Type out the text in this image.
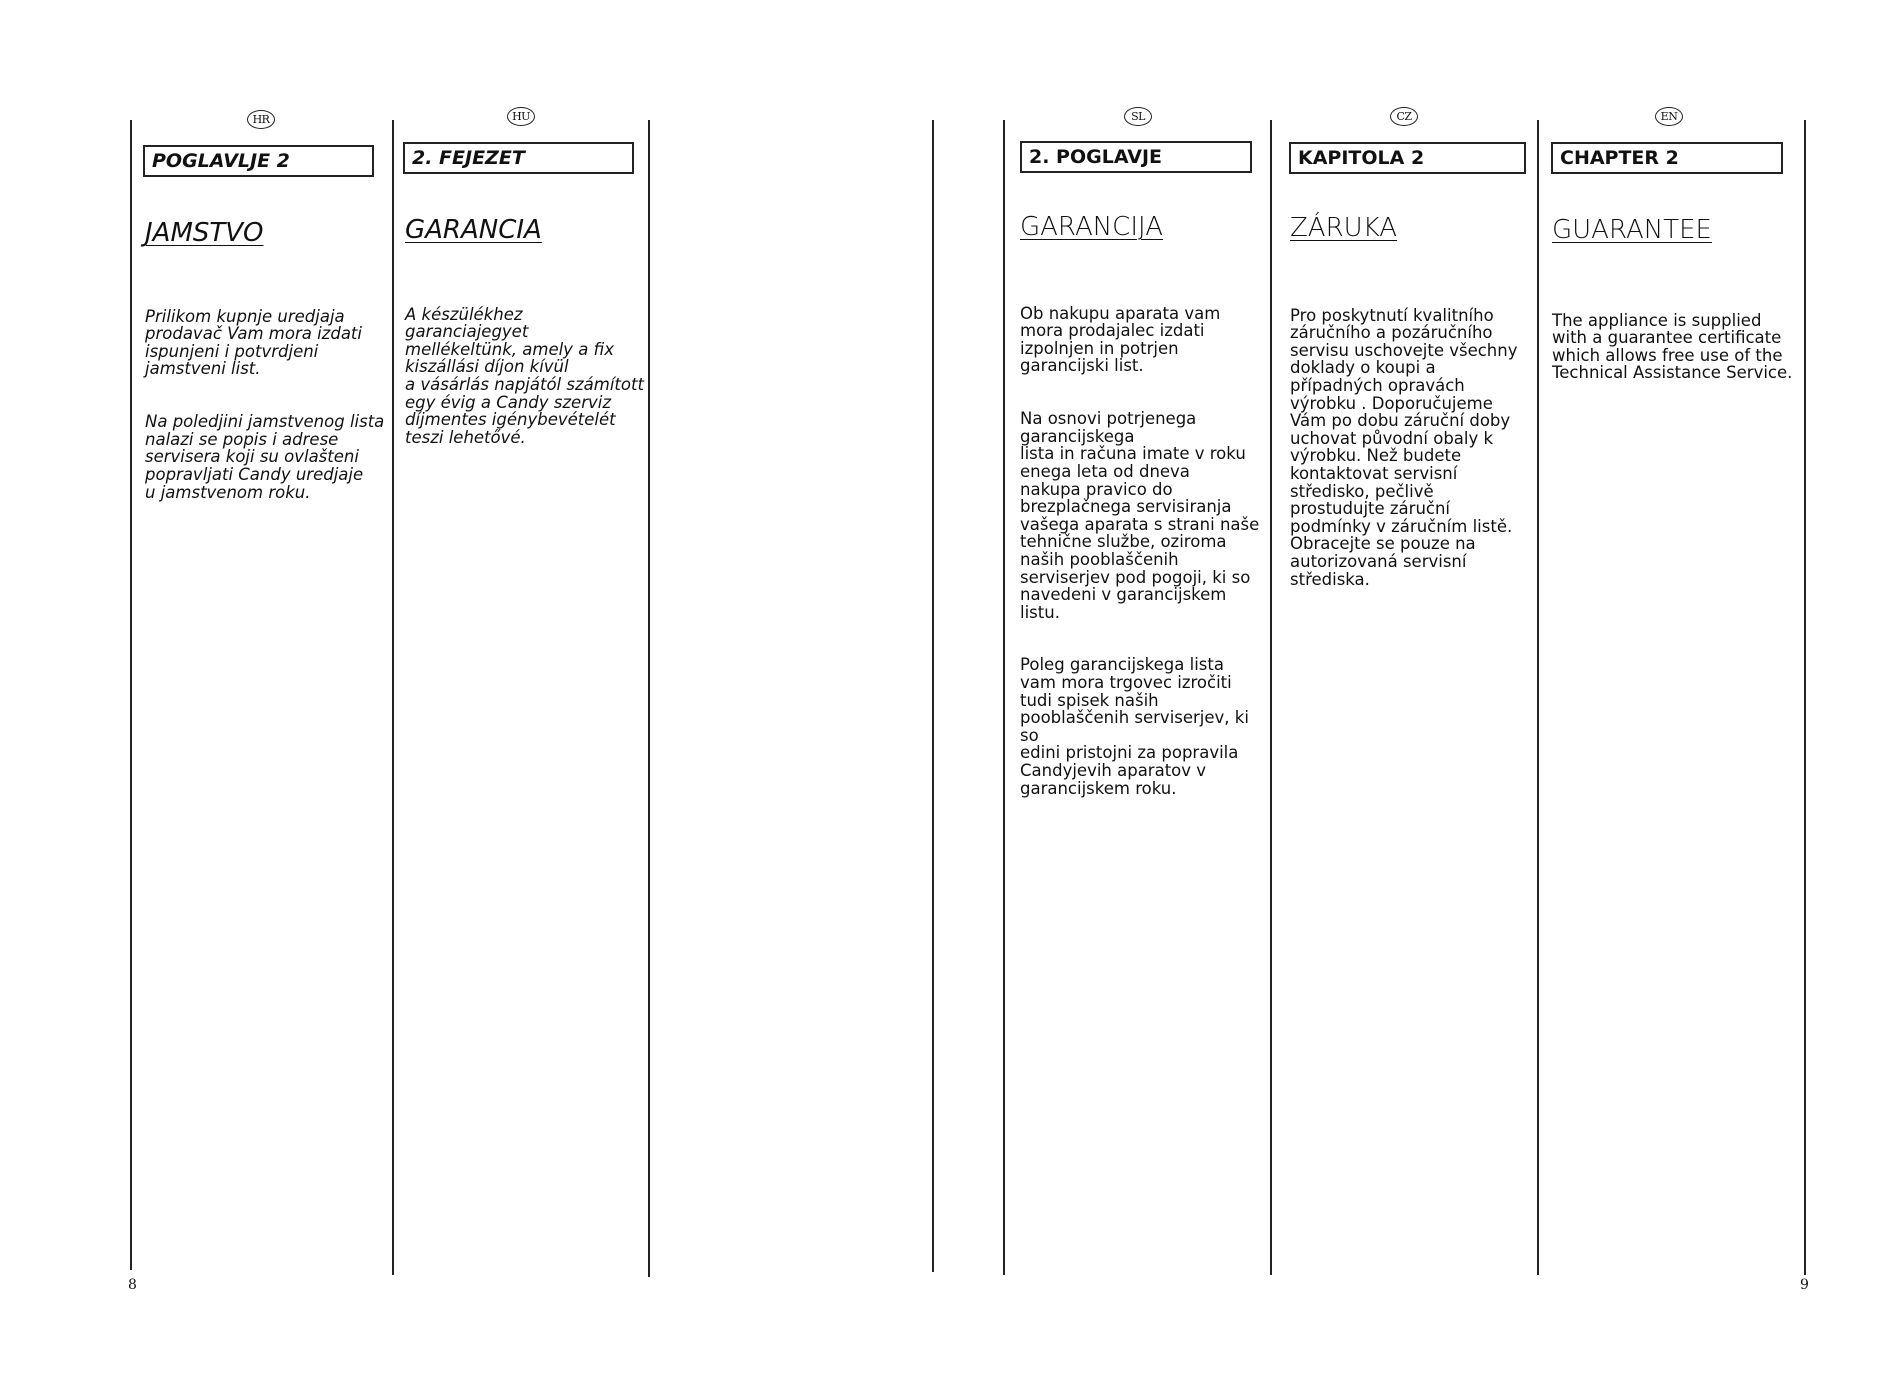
HR
POGLAVLJE 2
JAMSTVO

Prilikom kupnje uredjaja
prodavač Vam mora izdati
ispunjeni i potvrdjeni
jamstveni list.

Na poledjini jamstvenog lista
nalazi se popis i adrese
servisera koji su ovlašteni
popravljati Candy uredjaje
u jamstvenom roku.

HU
2. FEJEZET
GARANCIA

A készülékhez garanciajegyet
mellékeltünk, amely a fix
kiszállási díjon kívül
a vásárlás napjától számított
egy évig a Candy szerviz
díjmentes igénybevételét
teszi lehetővé.

SL
2. POGLAVJE
GARANCIJA

Ob nakupu aparata vam
mora prodajalec izdati
izpolnjen in potrjen
garancijski list.

Na osnovi potrjenega
garancijskega
lista in računa imate v roku
enega leta od dneva
nakupa pravico do
brezplačnega servisiranja
vašega aparata s strani naše
tehnične službe, oziroma
naših pooblaščenih
serviserjev pod pogoji, ki so
navedeni v garancijskem
listu.

Poleg garancijskega lista
vam mora trgovec izročiti
tudi spisek naših
pooblaščenih serviserjev, ki so
edini pristojni za popravila
Candyjevih aparatov v
garancijskem roku.

CZ
KAPITOLA 2
ZÁRUKA

Pro poskytnutí kvalitního
záručního a pozáručního
servisu uschovejte všechny
doklady o koupi a
případných opravách
výrobku . Doporučujeme
Vám po dobu záruční doby
uchovat původní obaly k
výrobku. Než budete
kontaktovat servisní
středisko, pečlivě
prostudujte záruční
podmínky v záručním listě.
Obracejte se pouze na
autorizovaná servisní
střediska.

EN
CHAPTER 2
GUARANTEE

The appliance is supplied
with a guarantee certificate
which allows free use of the
Technical Assistance Service.

8	9
